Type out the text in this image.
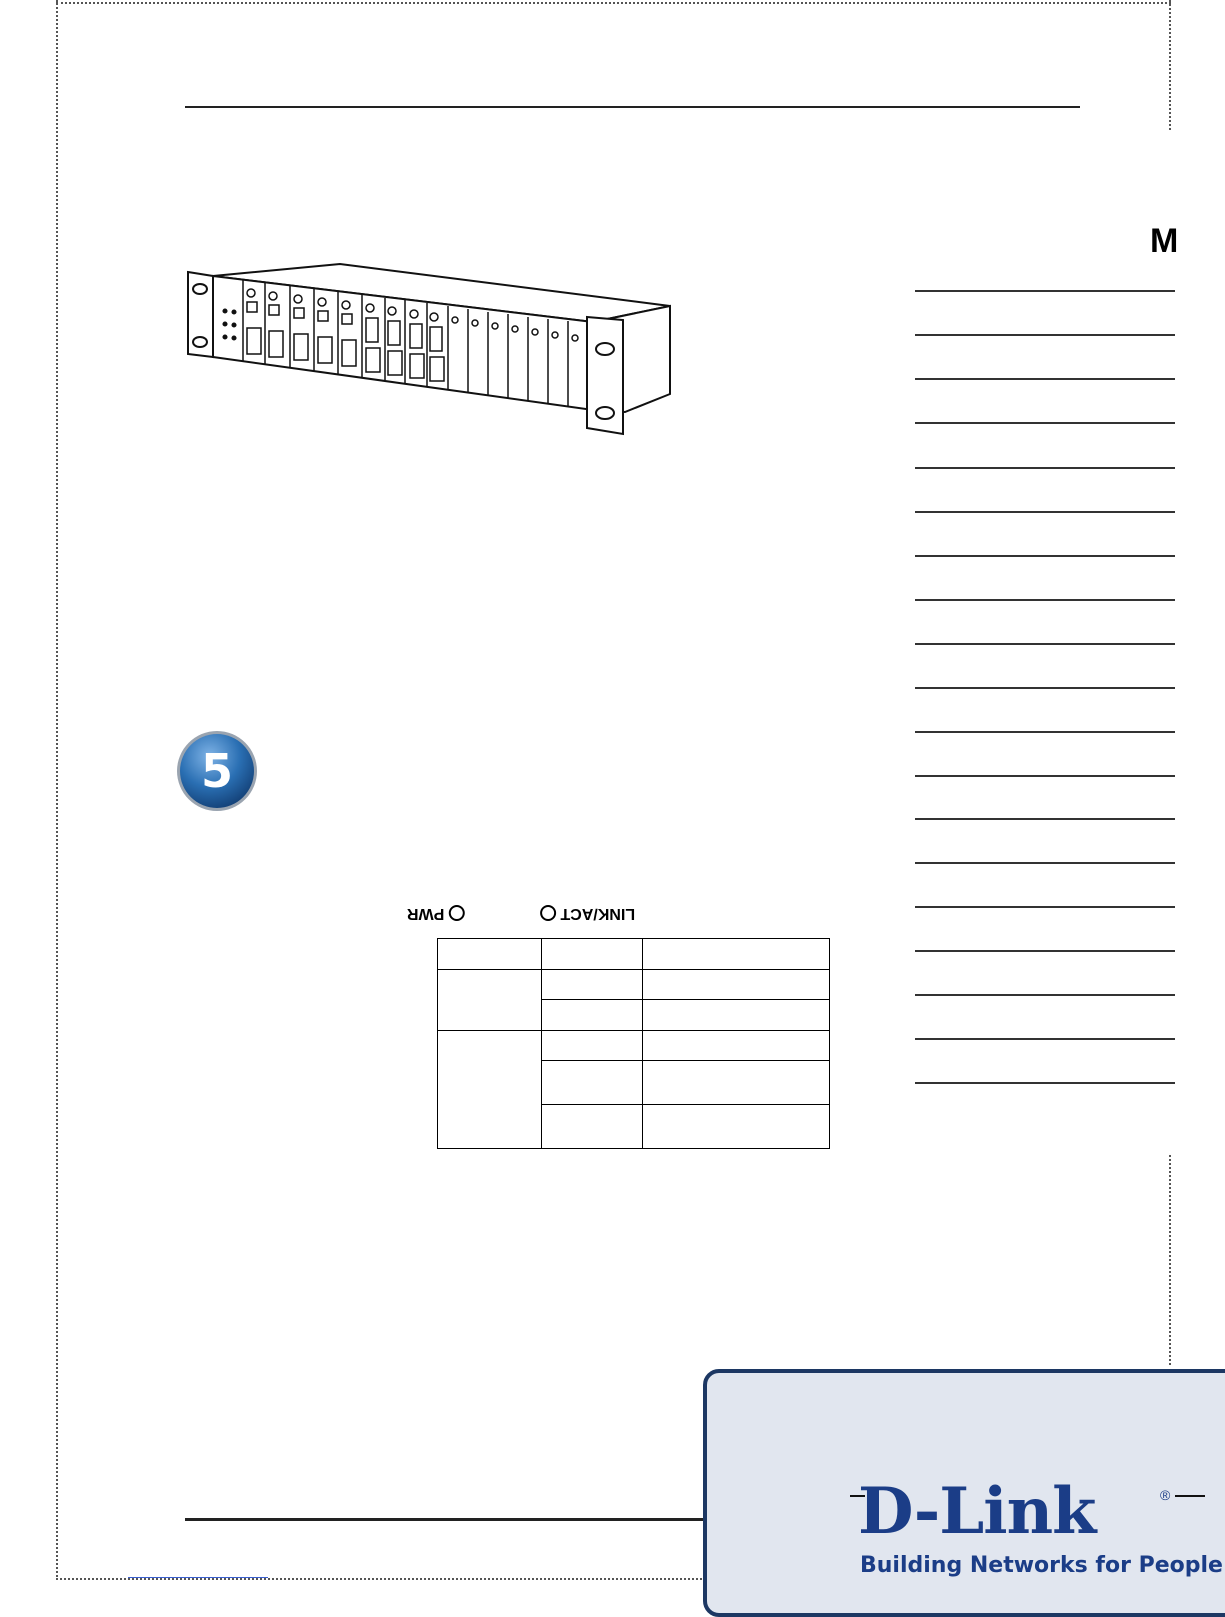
M
5
PWR	LINK/ACT

D-Link	®
Building Networks for People
